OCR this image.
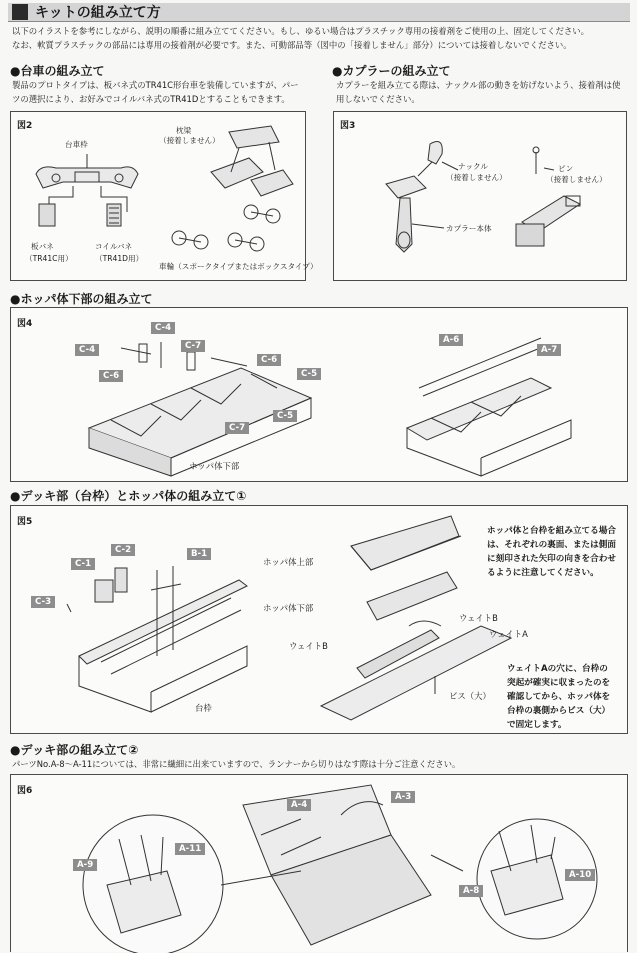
キットの組み立て方
以下のイラストを参考にしながら、説明の順番に組み立ててください。もし、ゆるい場合はプラスチック専用の接着剤をご使用の上、固定してください。
なお、軟質プラスチックの部品には専用の接着剤が必要です。また、可動部品等（図中の「接着しません」部分）については接着しないでください。
●台車の組み立て
製品のプロトタイプは、板バネ式のTR41C形台車を装備していますが、パー
ツの選択により、お好みでコイルバネ式のTR41Dとすることもできます。
図2
台車枠
枕梁
（接着しません）
板バネ
（TR41C用）
コイルバネ
（TR41D用）
車輪（スポークタイプまたはボックスタイプ）
●カプラーの組み立て
カプラーを組み立てる際は、ナックル部の動きを妨げないよう、接着剤は使
用しないでください。
図3
ナックル
（接着しません）
ピン
（接着しません）
カプラー本体
●ホッパ体下部の組み立て
図4	C-4
C-4	C-7
C-6
C-6
C-5
C-5
C-7
A-6
A-7
ホッパ体下部
●デッキ部（台枠）とホッパ体の組み立て①
図5
C-1
C-2	B-1
C-3
台枠
ホッパ体上部
ホッパ体下部
ウェイトB
ウェイトA
ウェイトB
ビス（大）
ホッパ体と台枠を組み立てる場合
は、それぞれの裏面、または側面
に刻印された矢印の向きを合わせ
るように注意してください。
ウェイトAの穴に、台枠の
突起が確実に収まったのを
確認してから、ホッパ体を
台枠の裏側からビス（大）
で固定します。
●デッキ部の組み立て②
パーツNo.A-8～A-11については、非常に繊細に出来ていますので、ランナーから切りはなす際は十分ご注意ください。
図6
A-4
A-3
A-9
A-11
A-8
A-10
